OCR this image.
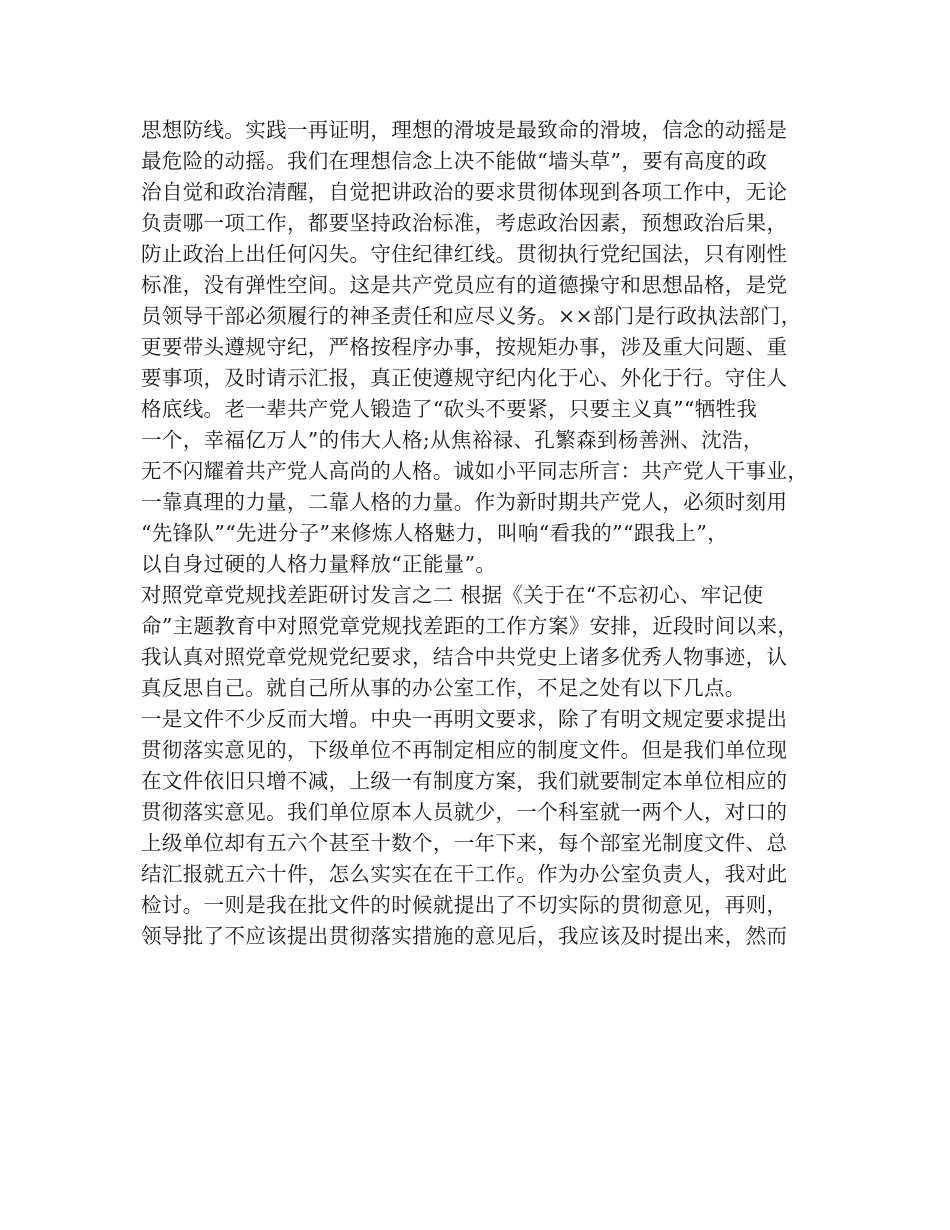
思想防线。实践一再证明，理想的滑坡是最致命的滑坡，信念的动摇是
最危险的动摇。我们在理想信念上决不能做“墙头草”，要有高度的政
治自觉和政治清醒，自觉把讲政治的要求贯彻体现到各项工作中，无论
负责哪一项工作，都要坚持政治标准，考虑政治因素，预想政治后果，
防止政治上出任何闪失。守住纪律红线。贯彻执行党纪国法，只有刚性
标准，没有弹性空间。这是共产党员应有的道德操守和思想品格，是党
员领导干部必须履行的神圣责任和应尽义务。××部门是行政执法部门，
更要带头遵规守纪，严格按程序办事，按规矩办事，涉及重大问题、重
要事项，及时请示汇报，真正使遵规守纪内化于心、外化于行。守住人
格底线。老一辈共产党人锻造了“砍头不要紧，只要主义真”“牺牲我
一个，幸福亿万人”的伟大人格;从焦裕禄、孔繁森到杨善洲、沈浩，
无不闪耀着共产党人高尚的人格。诚如小平同志所言：共产党人干事业，
一靠真理的力量，二靠人格的力量。作为新时期共产党人，必须时刻用
“先锋队”“先进分子”来修炼人格魅力，叫响“看我的”“跟我上”，
以自身过硬的人格力量释放“正能量”。
对照党章党规找差距研讨发言之二 根据《关于在“不忘初心、牢记使
命”主题教育中对照党章党规找差距的工作方案》安排，近段时间以来，
我认真对照党章党规党纪要求，结合中共党史上诸多优秀人物事迹，认
真反思自己。就自己所从事的办公室工作，不足之处有以下几点。
一是文件不少反而大增。中央一再明文要求，除了有明文规定要求提出
贯彻落实意见的，下级单位不再制定相应的制度文件。但是我们单位现
在文件依旧只增不减，上级一有制度方案，我们就要制定本单位相应的
贯彻落实意见。我们单位原本人员就少，一个科室就一两个人，对口的
上级单位却有五六个甚至十数个，一年下来，每个部室光制度文件、总
结汇报就五六十件，怎么实实在在干工作。作为办公室负责人，我对此
检讨。一则是我在批文件的时候就提出了不切实际的贯彻意见，再则，
领导批了不应该提出贯彻落实措施的意见后，我应该及时提出来，然而
